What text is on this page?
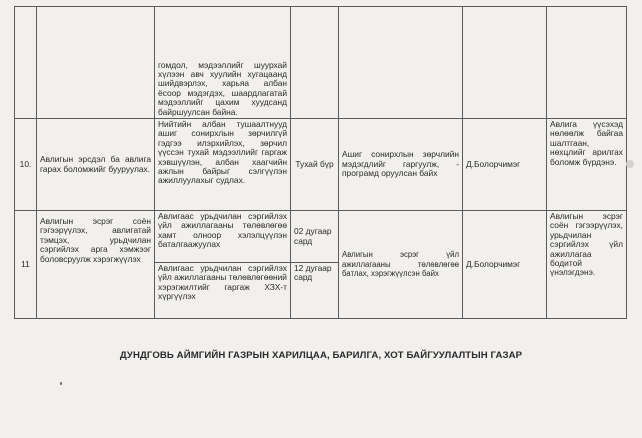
		гомдол, мэдээллийг шуурхай хүлээн авч хуулийн хугацаанд шийдвэрлэх, харьяа албан ёсоор мэдэгдэх, шаардлагатай мэдээллийг цахим хуудсанд байршуулсан байна.				
10.	Авлигын эрсдэл ба авлига гарах боломжийг бууруулах.	Нийтийн албан тушаалтнууд ашиг сонирхлын зөрчилгүй гэдгээ илэрхийлэх, зөрчил үүссэн тухай мэдээллийг гаргаж хэвшүүлэн, албан хаагчийн ажлын байрыг сэлгүүлэн ажиллуулахыг судлах.	Тухай бүр	Ашиг сонирхлын зөрчлийн мэдэгдлийг гаргуулж, - програмд оруулсан байх	Д.Болорчимэг	Авлига үүсэхэд нөлөөлж байгаа шалтгаан, нөхцлийг арилгах боломж бүрдэнэ.
11	Авлигын эсрэг соён гэгээрүүлэх, авлигатай тэмцэх, урьдчилан сэргийлэх арга хэмжээг боловсруулж хэрэгжүүлэх	Авлигаас урьдчилан сэргийлэх үйл ажиллагааны төлөвлөгөө хамт олноор хэлэлцүүлэн баталгаажуулах	02 дугаар сард	Авлигын эсрэг үйл ажиллагааны төлөвлөгөө батлах, хэрэгжүүлсэн байх	Д.Болорчимэг	Авлигын эсрэг соён гэгээрүүлэх, урьдчилан сэргийлэх үйл ажиллагаа бодитой үнэлэгдэнэ.
		Авлигаас урьдчилан сэргийлэх үйл ажиллагааны төлөвлөгөөний хэрэгжилтийг гаргаж ХЗХ-т хүргүүлэх	12 дугаар сард			
ДУНДГОВЬ АЙМГИЙН ГАЗРЫН ХАРИЛЦАА, БАРИЛГА, ХОТ БАЙГУУЛАЛТЫН ГАЗАР
